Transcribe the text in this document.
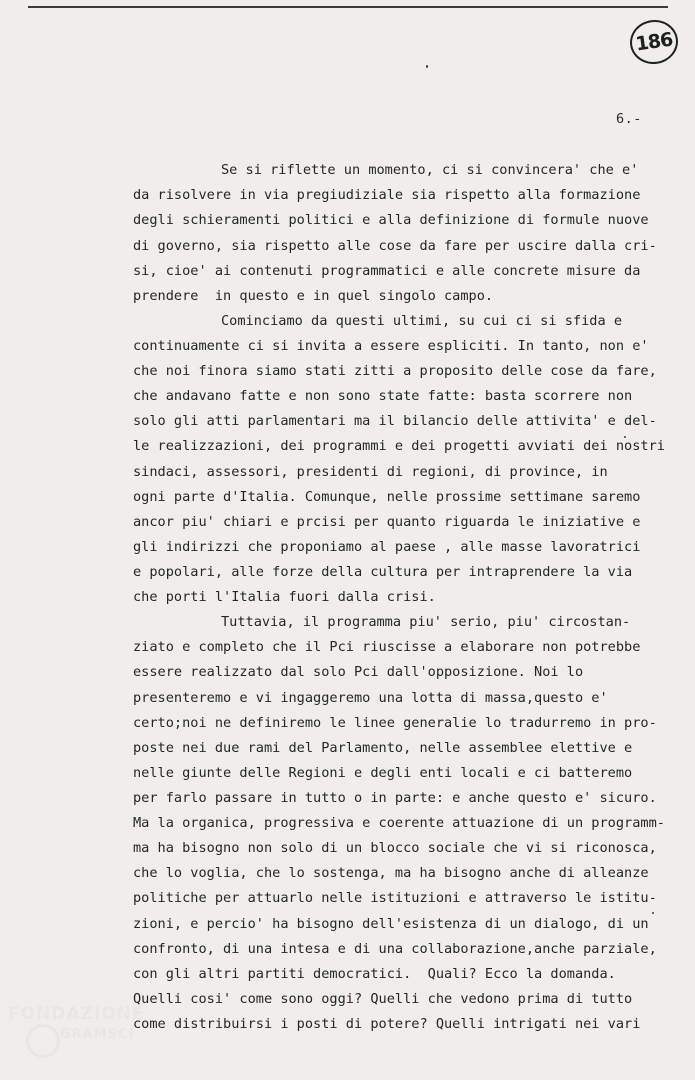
186
6.-
Se si riflette un momento, ci si convincera' che e'
da risolvere in via pregiudiziale sia rispetto alla formazione
degli schieramenti politici e alla definizione di formule nuove
di governo, sia rispetto alle cose da fare per uscire dalla cri-
si, cioe' ai contenuti programmatici e alle concrete misure da
prendere  in questo e in quel singolo campo.
Cominciamo da questi ultimi, su cui ci si sfida e
continuamente ci si invita a essere espliciti. In tanto, non e'
che noi finora siamo stati zitti a proposito delle cose da fare,
che andavano fatte e non sono state fatte: basta scorrere non
solo gli atti parlamentari ma il bilancio delle attivita' e del-
le realizzazioni, dei programmi e dei progetti avviati dei nostri
sindaci, assessori, presidenti di regioni, di province, in
ogni parte d'Italia. Comunque, nelle prossime settimane saremo
ancor piu' chiari e prcisi per quanto riguarda le iniziative e
gli indirizzi che proponiamo al paese , alle masse lavoratrici
e popolari, alle forze della cultura per intraprendere la via
che porti l'Italia fuori dalla crisi.
Tuttavia, il programma piu' serio, piu' circostan-
ziato e completo che il Pci riuscisse a elaborare non potrebbe
essere realizzato dal solo Pci dall'opposizione. Noi lo
presenteremo e vi ingaggeremo una lotta di massa,questo e'
certo;noi ne definiremo le linee generalie lo tradurremo in pro-
poste nei due rami del Parlamento, nelle assemblee elettive e
nelle giunte delle Regioni e degli enti locali e ci batteremo
per farlo passare in tutto o in parte: e anche questo e' sicuro.
Ma la organica, progressiva e coerente attuazione di un programm-
ma ha bisogno non solo di un blocco sociale che vi si riconosca,
che lo voglia, che lo sostenga, ma ha bisogno anche di alleanze
politiche per attuarlo nelle istituzioni e attraverso le istitu-
zioni, e percio' ha bisogno dell'esistenza di un dialogo, di un
confronto, di una intesa e di una collaborazione,anche parziale,
con gli altri partiti democratici.  Quali? Ecco la domanda.
Quelli cosi' come sono oggi? Quelli che vedono prima di tutto
come distribuirsi i posti di potere? Quelli intrigati nei vari
FONDAZIONE
GRAMSCI
